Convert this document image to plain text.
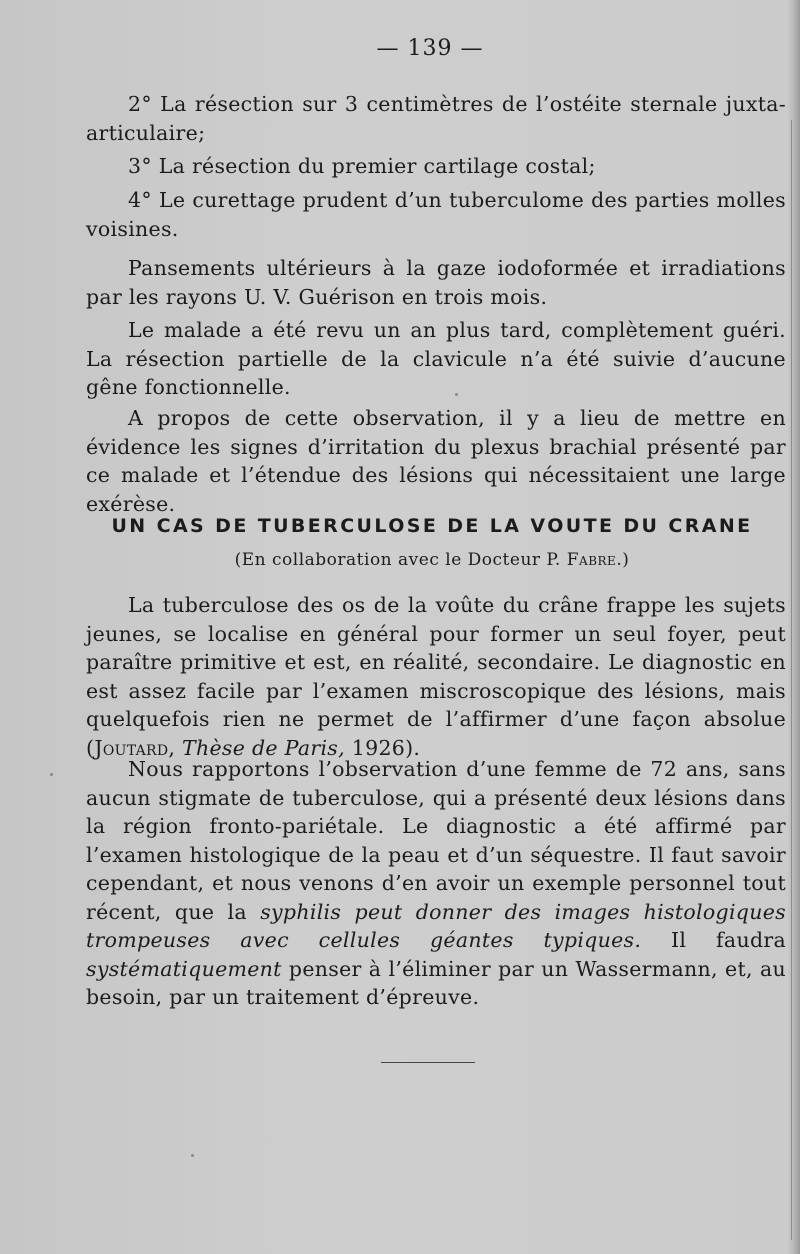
— 139 —
2° La résection sur 3 centimètres de l’ostéite sternale juxta-articulaire;
3° La résection du premier cartilage costal;
4° Le curettage prudent d’un tuberculome des parties molles voisines.
Pansements ultérieurs à la gaze iodoformée et irradiations par les rayons U. V. Guérison en trois mois.
Le malade a été revu un an plus tard, complètement guéri. La résection partielle de la clavicule n’a été suivie d’aucune gêne fonctionnelle.
A propos de cette observation, il y a lieu de mettre en évidence les signes d’irritation du plexus brachial présenté par ce malade et l’étendue des lésions qui nécessitaient une large exérèse.
UN CAS DE TUBERCULOSE DE LA VOUTE DU CRANE
(En collaboration avec le Docteur P. Fabre.)
La tuberculose des os de la voûte du crâne frappe les sujets jeunes, se localise en général pour former un seul foyer, peut paraître primitive et est, en réalité, secondaire. Le diagnostic en est assez facile par l’examen miscroscopique des lésions, mais quelquefois rien ne permet de l’affirmer d’une façon absolue (Joutard, Thèse de Paris, 1926).
Nous rapportons l’observation d’une femme de 72 ans, sans aucun stigmate de tuberculose, qui a présenté deux lésions dans la région fronto-pariétale. Le diagnostic a été affirmé par l’examen histologique de la peau et d’un séquestre. Il faut savoir cependant, et nous venons d’en avoir un exemple personnel tout récent, que la syphilis peut donner des images histologiques trompeuses avec cellules géantes typiques. Il faudra systématiquement penser à l’éliminer par un Wassermann, et, au besoin, par un traitement d’épreuve.
